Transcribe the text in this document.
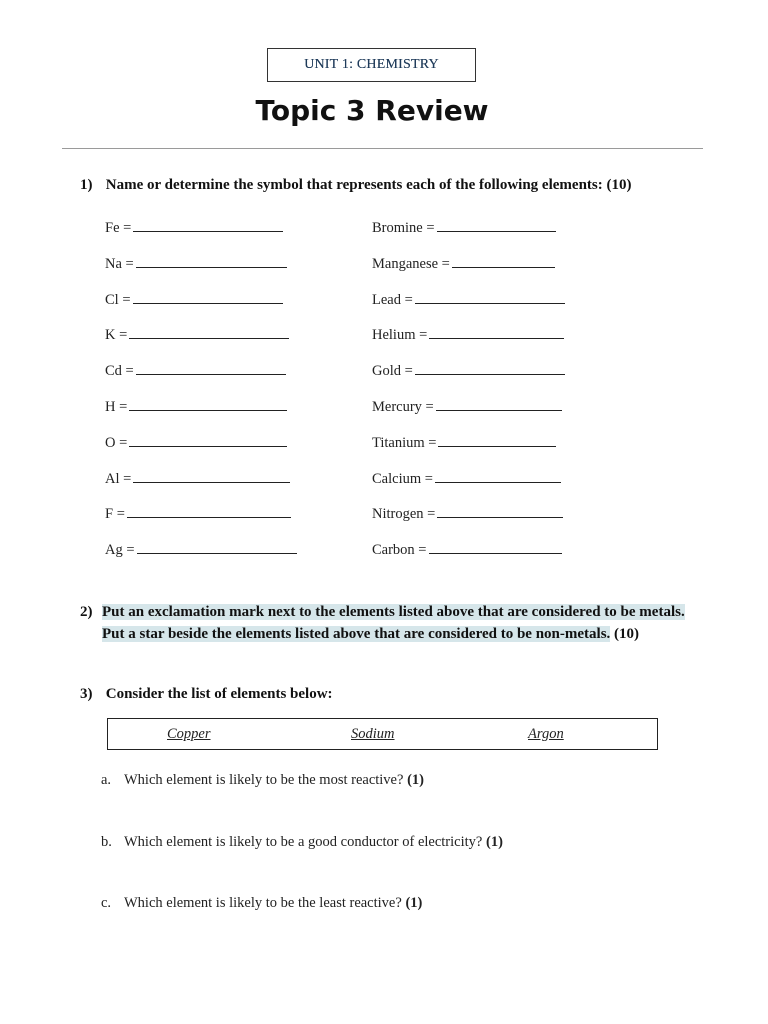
UNIT 1: CHEMISTRY
Topic 3 Review
1) Name or determine the symbol that represents each of the following elements: (10)
Fe =
Na =
Cl =
K =
Cd =
H =
O =
Al =
F =
Ag =
Bromine =
Manganese =
Lead =
Helium =
Gold =
Mercury =
Titanium =
Calcium =
Nitrogen =
Carbon =
2) Put an exclamation mark next to the elements listed above that are considered to be metals.
Put a star beside the elements listed above that are considered to be non-metals. (10)
3) Consider the list of elements below:
Copper	Sodium	Argon
a. Which element is likely to be the most reactive? (1)
b. Which element is likely to be a good conductor of electricity? (1)
c. Which element is likely to be the least reactive? (1)
